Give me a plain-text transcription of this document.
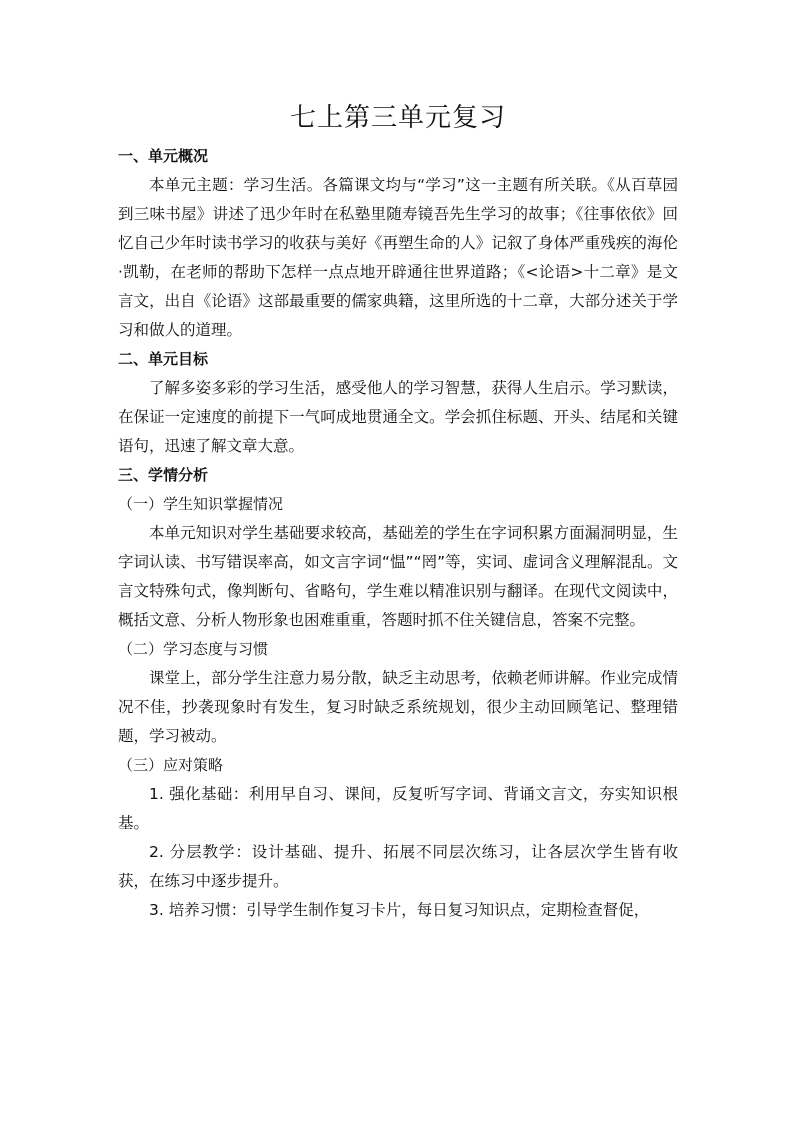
七上第三单元复习

一、单元概况

本单元主题：学习生活。各篇课文均与“学习”这一主题有所关联。《从百草园到三味书屋》讲述了迅少年时在私塾里随寿镜吾先生学习的故事；《往事依依》回忆自己少年时读书学习的收获与美好《再塑生命的人》记叙了身体严重残疾的海伦·凯勒，在老师的帮助下怎样一点点地开辟通往世界道路；《<论语>十二章》是文言文，出自《论语》这部最重要的儒家典籍，这里所选的十二章，大部分述关于学习和做人的道理。

二、单元目标

了解多姿多彩的学习生活，感受他人的学习智慧，获得人生启示。学习默读，在保证一定速度的前提下一气呵成地贯通全文。学会抓住标题、开头、结尾和关键语句，迅速了解文章大意。

三、学情分析

（一）学生知识掌握情况

本单元知识对学生基础要求较高，基础差的学生在字词积累方面漏洞明显，生字词认读、书写错误率高，如文言字词“愠”“罔”等，实词、虚词含义理解混乱。文言文特殊句式，像判断句、省略句，学生难以精准识别与翻译。在现代文阅读中，概括文意、分析人物形象也困难重重，答题时抓不住关键信息，答案不完整。

（二）学习态度与习惯

课堂上，部分学生注意力易分散，缺乏主动思考，依赖老师讲解。作业完成情况不佳，抄袭现象时有发生，复习时缺乏系统规划，很少主动回顾笔记、整理错题，学习被动。

（三）应对策略

1. 强化基础：利用早自习、课间，反复听写字词、背诵文言文，夯实知识根基。

2. 分层教学：设计基础、提升、拓展不同层次练习，让各层次学生皆有收获，在练习中逐步提升。

3. 培养习惯：引导学生制作复习卡片，每日复习知识点，定期检查督促，
